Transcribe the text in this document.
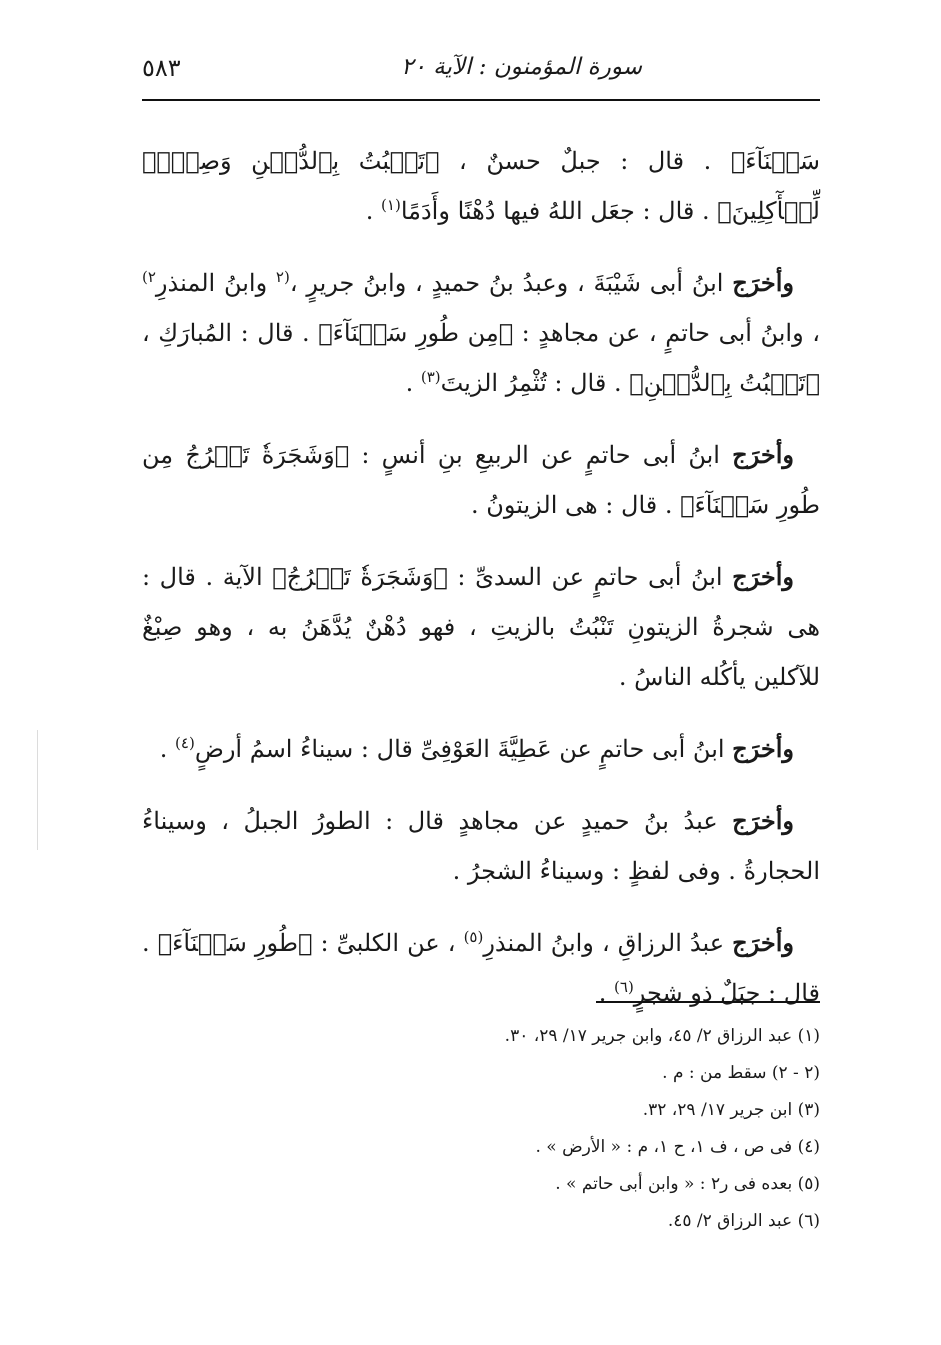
سورة المؤمنون : الآية ٢٠
٥٨٣

سَيۡنَآءَ﴾ . قال : جبلٌ حسنٌ ، ﴿تَنۢبُتُ بِٱلدُّهۡنِ وَصِبۡغٖ لِّلۡأٓكِلِينَ﴾ . قال : جعَل اللهُ فيها دُهْنًا وأَدَمًا$^{(١)}$ .

وأخرَج ابنُ أبى شَيْبَةَ ، وعبدُ بنُ حميدٍ ، وابنُ جريرٍ ،$^{(٢}$ وابنُ المنذرِ$^{٢)}$ ، وابنُ أبى حاتمٍ ، عن مجاهدٍ : ﴿مِن طُورِ سَيۡنَآءَ﴾ . قال : المُبارَكِ ، ﴿تَنۢبُتُ بِٱلدُّهۡنِ﴾ . قال : تُثْمِرُ الزيتَ$^{(٣)}$ .

وأخرَج ابنُ أبى حاتمٍ عن الربيعِ بنِ أنسٍ : ﴿وَشَجَرَةٗ تَخۡرُجُ مِن طُورِ سَيۡنَآءَ﴾ . قال : هى الزيتونُ .

وأخرَج ابنُ أبى حاتمٍ عن السدىِّ : ﴿وَشَجَرَةٗ تَخۡرُجُ﴾ الآية . قال : هى شجرةُ الزيتونِ تَنْبُتُ بالزيتِ ، فهو دُهْنٌ يُدَّهَنُ به ، وهو صِبْغٌ للآكلين يأكُله الناسُ .

وأخرَج ابنُ أبى حاتمٍ عن عَطِيَّةَ العَوْفِىِّ قال : سيناءُ اسمُ أرضٍ$^{(٤)}$ .

وأخرَج عبدُ بنُ حميدٍ عن مجاهدٍ قال : الطورُ الجبلُ ، وسيناءُ الحجارةُ . وفى لفظٍ : وسيناءُ الشجرُ .

وأخرَج عبدُ الرزاقِ ، وابنُ المنذرِ$^{(٥)}$ ، عن الكلبىِّ : ﴿طُورِ سَيۡنَآءَ﴾ . قال : جبَلٌ ذو شجرٍ$^{(٦)}$ .

(١) عبد الرزاق ٢/ ٤٥، وابن جرير ١٧/ ٢٩، ٣٠.

(٢ - ٢) سقط من : م .

(٣) ابن جرير ١٧/ ٢٩، ٣٢.

(٤) فى ص ، ف ١، ح ١، م : « الأرض » .

(٥) بعده فى ر٢ : « وابن أبى حاتم » .

(٦) عبد الرزاق ٢/ ٤٥.
